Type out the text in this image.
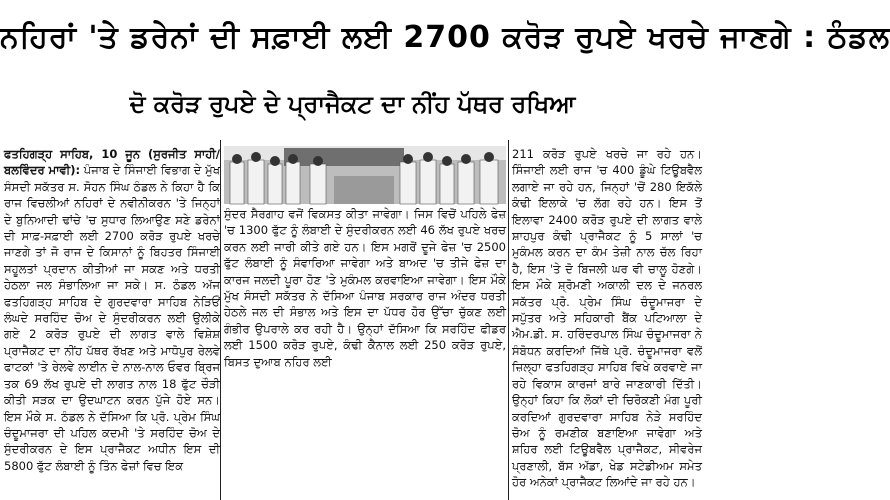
ਨਹਿਰਾਂ 'ਤੇ ਡਰੇਨਾਂ ਦੀ ਸਫ਼ਾਈ ਲਈ 2700 ਕਰੋੜ ਰੁਪਏ ਖਰਚੇ ਜਾਣਗੇ : ਠੰਡਲ
ਦੋ ਕਰੋੜ ਰੁਪਏ ਦੇ ਪ੍ਰਾਜੈਕਟ ਦਾ ਨੀਂਹ ਪੱਥਰ ਰਖਿਆ

ਫਤਹਿਗੜ੍ਹ ਸਾਹਿਬ, 10 ਜੂਨ (ਸੁਰਜੀਤ ਸਾਹੀ/ਬਲਵਿੰਦਰ ਮਾਵੀ): ਪੰਜਾਬ ਦੇ ਸਿੰਜਾਈ ਵਿਭਾਗ ਦੇ ਮੁੱਖ ਸੰਸਦੀ ਸਕੱਤਰ ਸ. ਸੋਹਨ ਸਿੰਘ ਠੰਡਲ ਨੇ ਕਿਹਾ ਹੈ ਕਿ ਰਾਜ ਵਿਚਲੀਆਂ ਨਹਿਰਾਂ ਦੇ ਨਵੀਨੀਕਰਨ 'ਤੇ ਜਿਨ੍ਹਾਂ ਦੇ ਬੁਨਿਆਦੀ ਢਾਂਚੇ 'ਚ ਸੁਧਾਰ ਲਿਆਉਣ ਸਣੇ ਡਰੇਨਾਂ ਦੀ ਸਾਫ਼-ਸਫ਼ਾਈ ਲਈ 2700 ਕਰੋੜ ਰੁਪਏ ਖਰਚੇ ਜਾਣਗੇ ਤਾਂ ਜੋ ਰਾਜ ਦੇ ਕਿਸਾਨਾਂ ਨੂੰ ਬਿਹਤਰ ਸਿੰਜਾਈ ਸਹੂਲਤਾਂ ਪ੍ਰਦਾਨ ਕੀਤੀਆਂ ਜਾ ਸਕਣ ਅਤੇ ਧਰਤੀ ਹੇਠਲਾ ਜਲ ਸੰਭਾਲਿਆ ਜਾ ਸਕੇ। ਸ. ਠੰਡਲ ਅੱਜ ਫਤਹਿਗੜ੍ਹ ਸਾਹਿਬ ਦੇ ਗੁਰਦਵਾਰਾ ਸਾਹਿਬ ਨੇੜਿਓਂ ਲੰਘਦੇ ਸਰਹਿੰਦ ਚੋਅ ਦੇ ਸੁੰਦਰੀਕਰਨ ਲਈ ਉਲੀਕੇ ਗਏ 2 ਕਰੋੜ ਰੁਪਏ ਦੀ ਲਾਗਤ ਵਾਲੇ ਵਿਸ਼ੇਸ਼ ਪ੍ਰਾਜੈਕਟ ਦਾ ਨੀਂਹ ਪੱਥਰ ਰੱਖਣ ਅਤੇ ਮਾਧੋਪੁਰ ਰੇਲਵੇ ਫਾਟਕਾਂ 'ਤੇ ਰੇਲਵੇ ਲਾਈਨ ਦੇ ਨਾਲ-ਨਾਲ ਓਵਰ ਬ੍ਰਿਜ ਤਕ 69 ਲੱਖ ਰੁਪਏ ਦੀ ਲਾਗਤ ਨਾਲ 18 ਫੁੱਟ ਚੌੜੀ ਕੀਤੀ ਸੜਕ ਦਾ ਉਦਘਾਟਨ ਕਰਨ ਪੁੱਜੇ ਹੋਏ ਸਨ। ਇਸ ਮੌਕੇ ਸ. ਠੰਡਲ ਨੇ ਦੱਸਿਆ ਕਿ ਪ੍ਰੋ. ਪ੍ਰੇਮ ਸਿੰਘ ਚੰਦੂਮਾਜਰਾ ਦੀ ਪਹਿਲ ਕਦਮੀ 'ਤੇ ਸਰਹਿੰਦ ਚੋਅ ਦੇ ਸੁੰਦਰੀਕਰਨ ਦੇ ਇਸ ਪ੍ਰਾਜੈਕਟ ਅਧੀਨ ਇਸ ਦੀ 5800 ਫੁੱਟ ਲੰਬਾਈ ਨੂੰ ਤਿੰਨ ਫੇਜ਼ਾਂ ਵਿਚ ਇਕ

ਸੁੰਦਰ ਸੈਰਗਾਹ ਵਜੋਂ ਵਿਕਸਤ ਕੀਤਾ ਜਾਵੇਗਾ। ਜਿਸ ਵਿਚੋਂ ਪਹਿਲੇ ਫੇਜ਼ 'ਚ 1300 ਫੁੱਟ ਨੂੰ ਲੰਬਾਈ ਦੇ ਸੁੰਦਰੀਕਰਨ ਲਈ 46 ਲੱਖ ਰੁਪਏ ਖਰਚ ਕਰਨ ਲਈ ਜਾਰੀ ਕੀਤੇ ਗਏ ਹਨ। ਇਸ ਮਗਰੋਂ ਦੂਜੇ ਫੇਜ਼ 'ਚ 2500 ਫੁੱਟ ਲੰਬਾਈ ਨੂੰ ਸੰਵਾਰਿਆ ਜਾਵੇਗਾ ਅਤੇ ਬਾਅਦ 'ਚ ਤੀਜੇ ਫੇਜ਼ ਦਾ ਕਾਰਜ ਜਲਦੀ ਪੂਰਾ ਹੋਣ 'ਤੇ ਮੁਕੰਮਲ ਕਰਵਾਇਆ ਜਾਵੇਗਾ। ਇਸ ਮੌਕੇ ਮੁੱਖ ਸੰਸਦੀ ਸਕੱਤਰ ਨੇ ਦੱਸਿਆ ਪੰਜਾਬ ਸਰਕਾਰ ਰਾਜ ਅੰਦਰ ਧਰਤੀ ਹੇਠਲੇ ਜਲ ਦੀ ਸੰਭਾਲ ਅਤੇ ਇਸ ਦਾ ਪੱਧਰ ਹੋਰ ਉੱਚਾ ਚੁੱਕਣ ਲਈ ਗੰਭੀਰ ਉਪਰਾਲੇ ਕਰ ਰਹੀ ਹੈ। ਉਨ੍ਹਾਂ ਦੱਸਿਆ ਕਿ ਸਰਹਿੰਦ ਫੀਡਰ ਲਈ 1500 ਕਰੋੜ ਰੁਪਏ, ਕੰਢੀ ਕੈਨਾਲ ਲਈ 250 ਕਰੋੜ ਰੁਪਏ, ਬਿਸਤ ਦੁਆਬ ਨਹਿਰ ਲਈ

211 ਕਰੋੜ ਰੁਪਏ ਖਰਚੇ ਜਾ ਰਹੇ ਹਨ। ਸਿੰਜਾਈ ਲਈ ਰਾਜ 'ਚ 400 ਡੂੰਘੇ ਟਿਊਬਵੈਲ ਲਗਾਏ ਜਾ ਰਹੇ ਹਨ, ਜਿਨ੍ਹਾਂ 'ਚੋਂ 280 ਇਕੱਲੇ ਕੰਢੀ ਇਲਾਕੇ 'ਚ ਲੱਗ ਰਹੇ ਹਨ। ਇਸ ਤੋਂ ਇਲਾਵਾ 2400 ਕਰੋੜ ਰੁਪਏ ਦੀ ਲਾਗਤ ਵਾਲੇ ਸ਼ਾਹਪੁਰ ਕੰਢੀ ਪ੍ਰਾਜੈਕਟ ਨੂੰ 5 ਸਾਲਾਂ 'ਚ ਮੁਕੰਮਲ ਕਰਨ ਦਾ ਕੰਮ ਤੇਜ਼ੀ ਨਾਲ ਚੱਲ ਰਿਹਾ ਹੈ, ਇਸ 'ਤੇ ਦੋ ਬਿਜਲੀ ਘਰ ਵੀ ਚਾਲੂ ਹੋਣਗੇ। ਇਸ ਮੌਕੇ ਸ਼੍ਰੋਮਣੀ ਅਕਾਲੀ ਦਲ ਦੇ ਜਨਰਲ ਸਕੱਤਰ ਪ੍ਰੋ. ਪ੍ਰੇਮ ਸਿੰਘ ਚੰਦੂਮਾਜਰਾ ਦੇ ਸਪੁੱਤਰ ਅਤੇ ਸਹਿਕਾਰੀ ਬੈਂਕ ਪਟਿਆਲਾ ਦੇ ਐਮ.ਡੀ. ਸ. ਹਰਿੰਦਰਪਾਲ ਸਿੰਘ ਚੰਦੂਮਾਜਰਾ ਨੇ ਸੰਬੋਧਨ ਕਰਦਿਆਂ ਜਿੱਥੇ ਪ੍ਰੋ. ਚੰਦੂਮਾਜਰਾ ਵਲੋਂ ਜ਼ਿਲ੍ਹਾ ਫਤਹਿਗੜ੍ਹ ਸਾਹਿਬ ਵਿਖੇ ਕਰਵਾਏ ਜਾ ਰਹੇ ਵਿਕਾਸ ਕਾਰਜਾਂ ਬਾਰੇ ਜਾਣਕਾਰੀ ਦਿੱਤੀ। ਉਨ੍ਹਾਂ ਕਿਹਾ ਕਿ ਲੋਕਾਂ ਦੀ ਚਿਰੋਕਣੀ ਮੰਗ ਪੂਰੀ ਕਰਦਿਆਂ ਗੁਰਦਵਾਰਾ ਸਾਹਿਬ ਨੇੜੇ ਸਰਹਿੰਦ ਚੋਅ ਨੂੰ ਰਮਣੀਕ ਬਣਾਇਆ ਜਾਵੇਗਾ ਅਤੇ ਸ਼ਹਿਰ ਲਈ ਟਿਊਬਵੈਲ ਪ੍ਰਾਜੈਕਟ, ਸੀਵਰੇਜ ਪ੍ਰਣਾਲੀ, ਬੱਸ ਅੱਡਾ, ਖੇਡ ਸਟੇਡੀਅਮ ਸਮੇਤ ਹੋਰ ਅਨੇਕਾਂ ਪ੍ਰਾਜੈਕਟ ਲਿਆਂਦੇ ਜਾ ਰਹੇ ਹਨ।
